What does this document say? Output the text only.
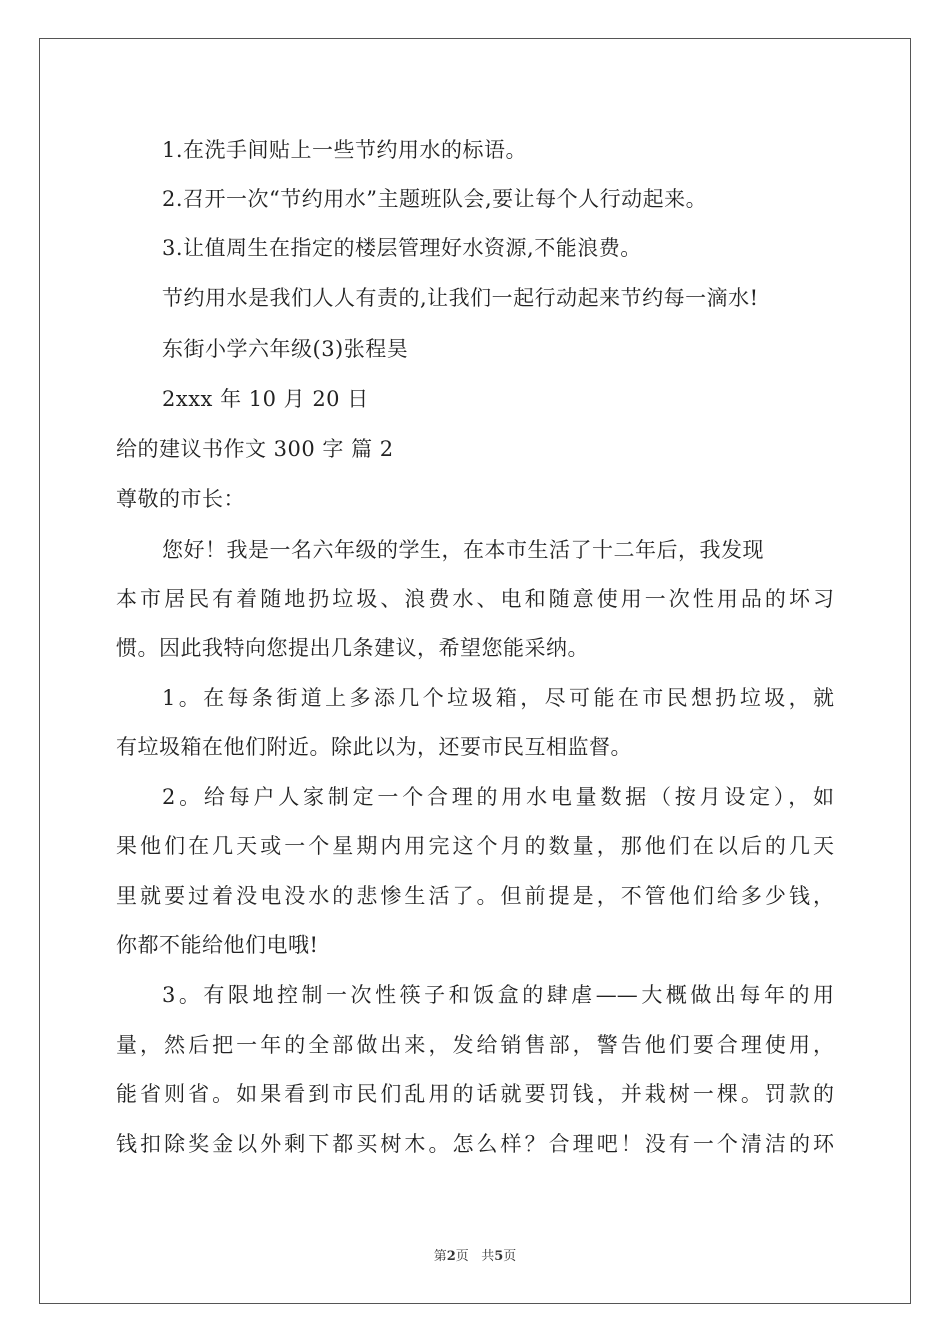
1.在洗手间贴上一些节约用水的标语。
2.召开一次“节约用水”主题班队会,要让每个人行动起来。
3.让值周生在指定的楼层管理好水资源,不能浪费。
节约用水是我们人人有责的,让我们一起行动起来节约每一滴水!
东街小学六年级(3)张程昊
2xxx 年 10 月 20 日
给的建议书作文 300 字 篇 2
尊敬的市长：
您好！我是一名六年级的学生，在本市生活了十二年后，我发现
本市居民有着随地扔垃圾、浪费水、电和随意使用一次性用品的坏习
惯。因此我特向您提出几条建议，希望您能采纳。
1。在每条街道上多添几个垃圾箱，尽可能在市民想扔垃圾，就
有垃圾箱在他们附近。除此以为，还要市民互相监督。
2。给每户人家制定一个合理的用水电量数据（按月设定），如
果他们在几天或一个星期内用完这个月的数量，那他们在以后的几天
里就要过着没电没水的悲惨生活了。但前提是，不管他们给多少钱，
你都不能给他们电哦!
3。有限地控制一次性筷子和饭盒的肆虐——大概做出每年的用
量，然后把一年的全部做出来，发给销售部，警告他们要合理使用，
能省则省。如果看到市民们乱用的话就要罚钱，并栽树一棵。罚款的
钱扣除奖金以外剩下都买树木。怎么样？合理吧！没有一个清洁的环
第2页 共5页
